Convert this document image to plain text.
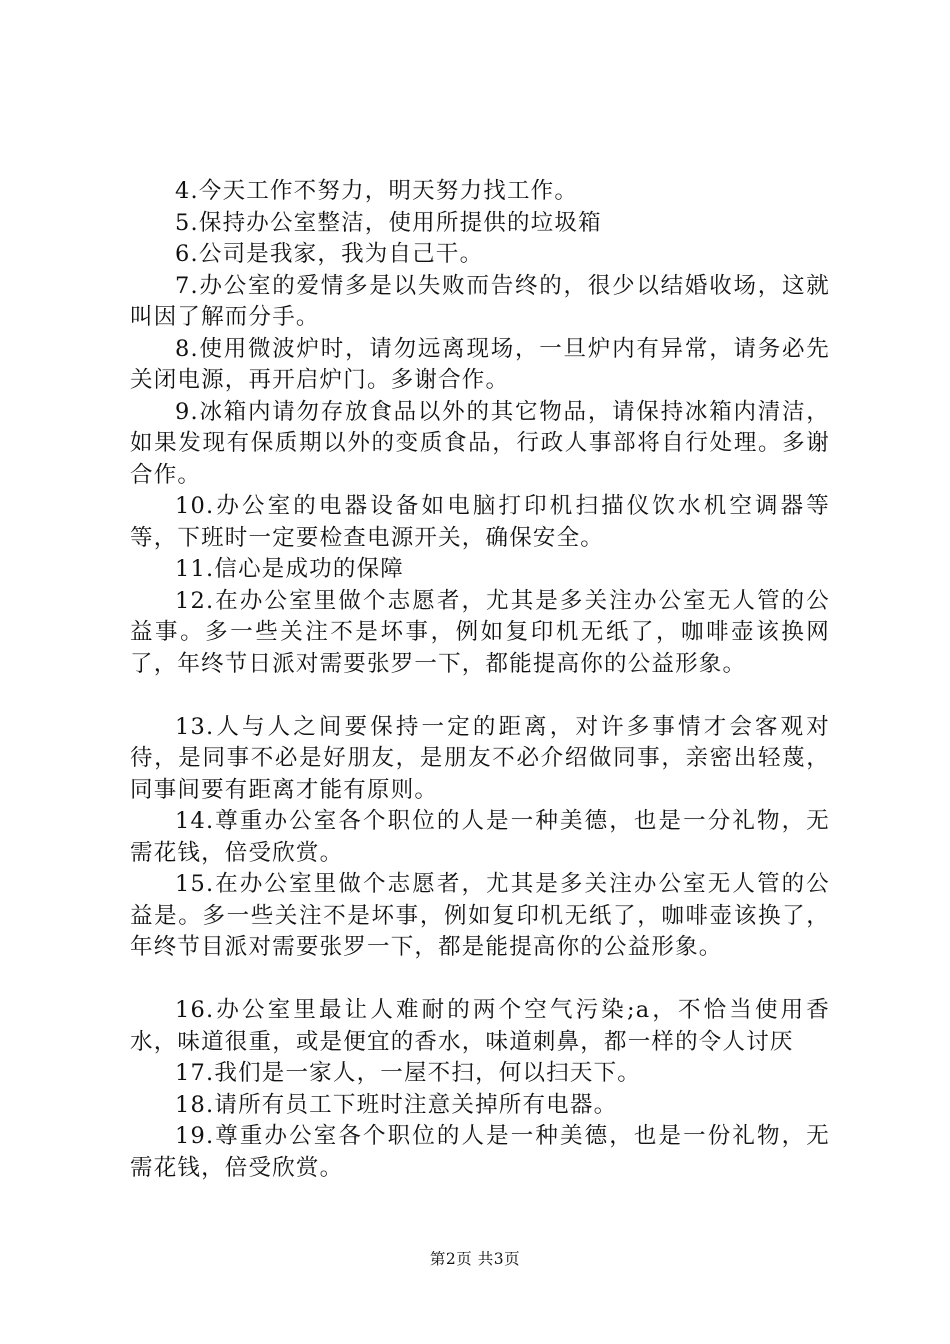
4.今天工作不努力，明天努力找工作。

5.保持办公室整洁，使用所提供的垃圾箱

6.公司是我家，我为自己干。

7.办公室的爱情多是以失败而告终的，很少以结婚收场，这就叫因了解而分手。

8.使用微波炉时，请勿远离现场，一旦炉内有异常，请务必先关闭电源，再开启炉门。多谢合作。

9.冰箱内请勿存放食品以外的其它物品，请保持冰箱内清洁，如果发现有保质期以外的变质食品，行政人事部将自行处理。多谢合作。

10.办公室的电器设备如电脑打印机扫描仪饮水机空调器等等，下班时一定要检查电源开关，确保安全。

11.信心是成功的保障

12.在办公室里做个志愿者，尤其是多关注办公室无人管的公益事。多一些关注不是坏事，例如复印机无纸了，咖啡壶该换网了，年终节日派对需要张罗一下，都能提高你的公益形象。

13.人与人之间要保持一定的距离，对许多事情才会客观对待，是同事不必是好朋友，是朋友不必介绍做同事，亲密出轻蔑，同事间要有距离才能有原则。

14.尊重办公室各个职位的人是一种美德，也是一分礼物，无需花钱，倍受欣赏。

15.在办公室里做个志愿者，尤其是多关注办公室无人管的公益是。多一些关注不是坏事，例如复印机无纸了，咖啡壶该换了，年终节目派对需要张罗一下，都是能提高你的公益形象。

16.办公室里最让人难耐的两个空气污染;a，不恰当使用香水，味道很重，或是便宜的香水，味道刺鼻，都一样的令人讨厌

17.我们是一家人，一屋不扫，何以扫天下。

18.请所有员工下班时注意关掉所有电器。

19.尊重办公室各个职位的人是一种美德，也是一份礼物，无需花钱，倍受欣赏。

第2页 共3页
